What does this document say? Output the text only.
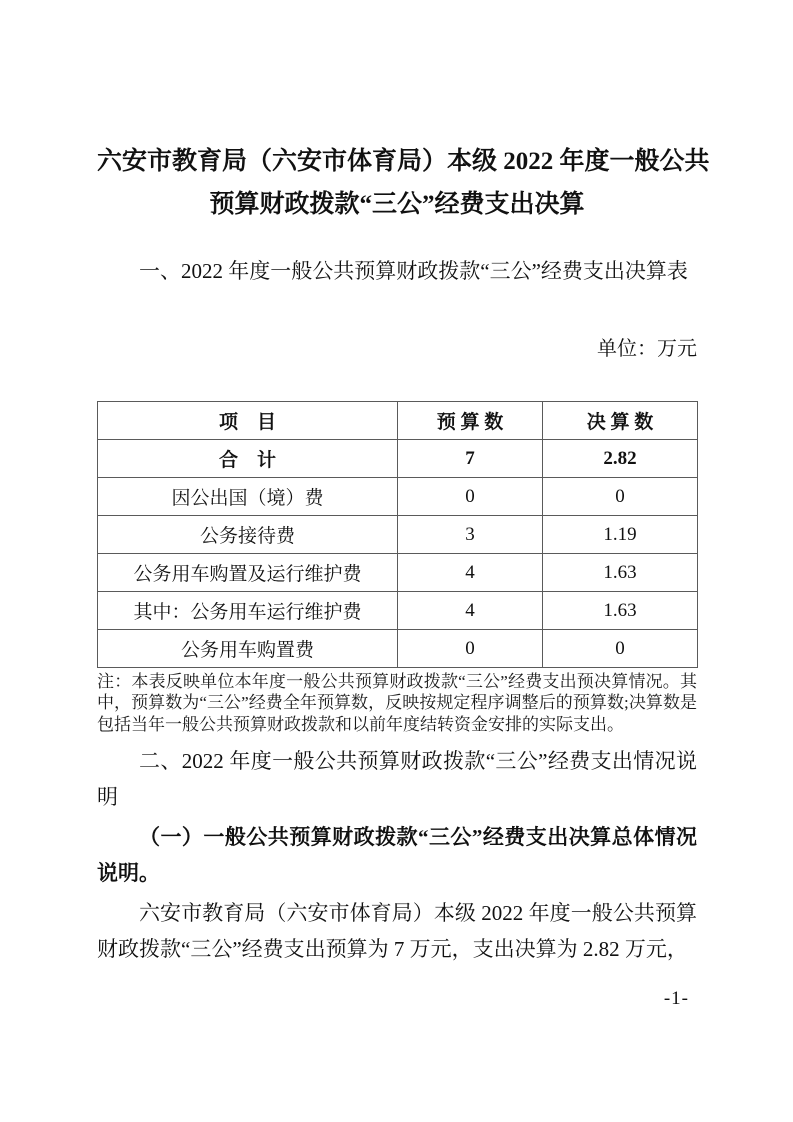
六安市教育局（六安市体育局）本级 2022 年度一般公共
预算财政拨款“三公”经费支出决算
一、2022 年度一般公共预算财政拨款“三公”经费支出决算表
单位：万元
项　目	预 算 数	决 算 数
合　计	7	2.82
因公出国（境）费	0	0
公务接待费	3	1.19
公务用车购置及运行维护费	4	1.63
其中：公务用车运行维护费	4	1.63
公务用车购置费	0	0
注：本表反映单位本年度一般公共预算财政拨款“三公”经费支出预决算情况。其中，预算数为“三公”经费全年预算数，反映按规定程序调整后的预算数;决算数是包括当年一般公共预算财政拨款和以前年度结转资金安排的实际支出。

二、2022 年度一般公共预算财政拨款“三公”经费支出情况说明

（一）一般公共预算财政拨款“三公”经费支出决算总体情况说明。

六安市教育局（六安市体育局）本级 2022 年度一般公共预算财政拨款“三公”经费支出预算为 7 万元，支出决算为 2.82 万元，

-1-
